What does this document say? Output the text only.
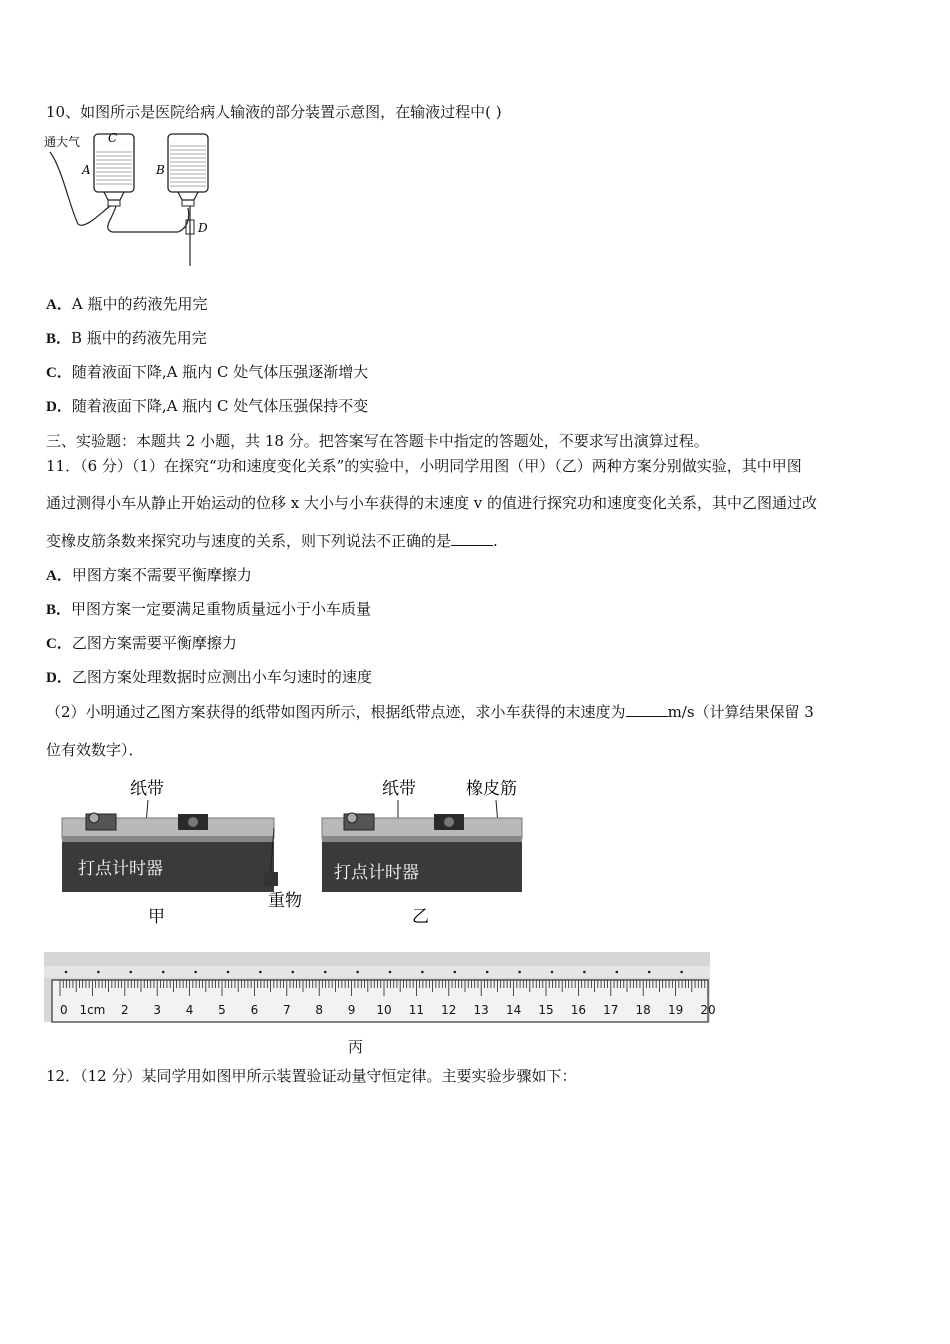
10、如图所示是医院给病人输液的部分装置示意图，在输液过程中( )
通大气 C
A	B
D
A．A 瓶中的药液先用完
B．B 瓶中的药液先用完
C．随着液面下降,A 瓶内 C 处气体压强逐渐增大
D．随着液面下降,A 瓶内 C 处气体压强保持不变
三、实验题：本题共 2 小题，共 18 分。把答案写在答题卡中指定的答题处，不要求写出演算过程。
11．（6 分）（1）在探究“功和速度变化关系”的实验中，小明同学用图（甲）（乙）两种方案分别做实验，其中甲图
通过测得小车从静止开始运动的位移 x 大小与小车获得的末速度 v 的值进行探究功和速度变化关系，其中乙图通过改
变橡皮筋条数来探究功与速度的关系，则下列说法不正确的是	.
A．甲图方案不需要平衡摩擦力
B．甲图方案一定要满足重物质量远小于小车质量
C．乙图方案需要平衡摩擦力
D．乙图方案处理数据时应测出小车匀速时的速度
（2）小明通过乙图方案获得的纸带如图丙所示，根据纸带点迹，求小车获得的末速度为	m/s（计算结果保留 3
位有效数字）．
纸带
打点计时器
重物
甲
纸带	橡皮筋
打点计时器
乙
0 1cm 2 3 4 5 6 7 8 9 10 11 12 13 14 15 16 17 18 19 20
丙
12．（12 分）某同学用如图甲所示装置验证动量守恒定律。主要实验步骤如下：
